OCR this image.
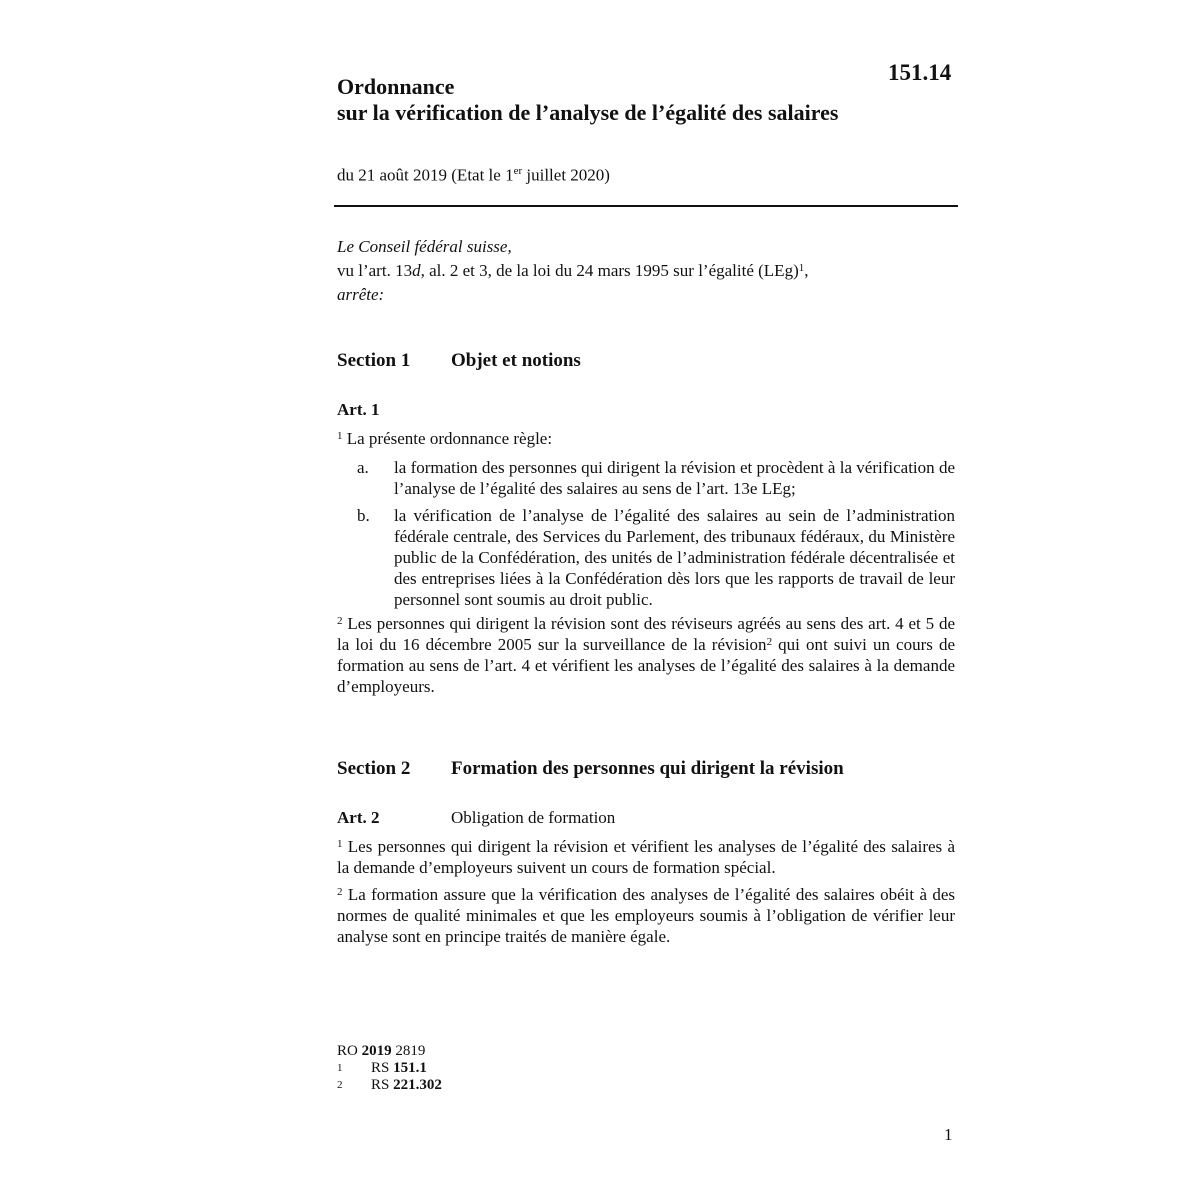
151.14
Ordonnance
sur la vérification de l’analyse de l’égalité des salaires
du 21 août 2019 (Etat le 1er juillet 2020)
Le Conseil fédéral suisse,
vu l’art. 13d, al. 2 et 3, de la loi du 24 mars 1995 sur l’égalité (LEg)$^1$,
arrête:
Section 1 Objet et notions
Art. 1
$^1$ La présente ordonnance règle:
a.	la formation des personnes qui dirigent la révision et procèdent à la vérification de l’analyse de l’égalité des salaires au sens de l’art. 13e LEg;
b.	la vérification de l’analyse de l’égalité des salaires au sein de l’administration fédérale centrale, des Services du Parlement, des tribunaux fédéraux, du Ministère public de la Confédération, des unités de l’administration fédérale décentralisée et des entreprises liées à la Confédération dès lors que les rapports de travail de leur personnel sont soumis au droit public.
$^2$ Les personnes qui dirigent la révision sont des réviseurs agréés au sens des art. 4 et 5 de la loi du 16 décembre 2005 sur la surveillance de la révision$^2$ qui ont suivi un cours de formation au sens de l’art. 4 et vérifient les analyses de l’égalité des salaires à la demande d’employeurs.
Section 2 Formation des personnes qui dirigent la révision
Art. 2	Obligation de formation
$^1$ Les personnes qui dirigent la révision et vérifient les analyses de l’égalité des salaires à la demande d’employeurs suivent un cours de formation spécial.
$^2$ La formation assure que la vérification des analyses de l’égalité des salaires obéit à des normes de qualité minimales et que les employeurs soumis à l’obligation de vérifier leur analyse sont en principe traités de manière égale.
RO 2019 2819
1	RS 151.1
2	RS 221.302
1
